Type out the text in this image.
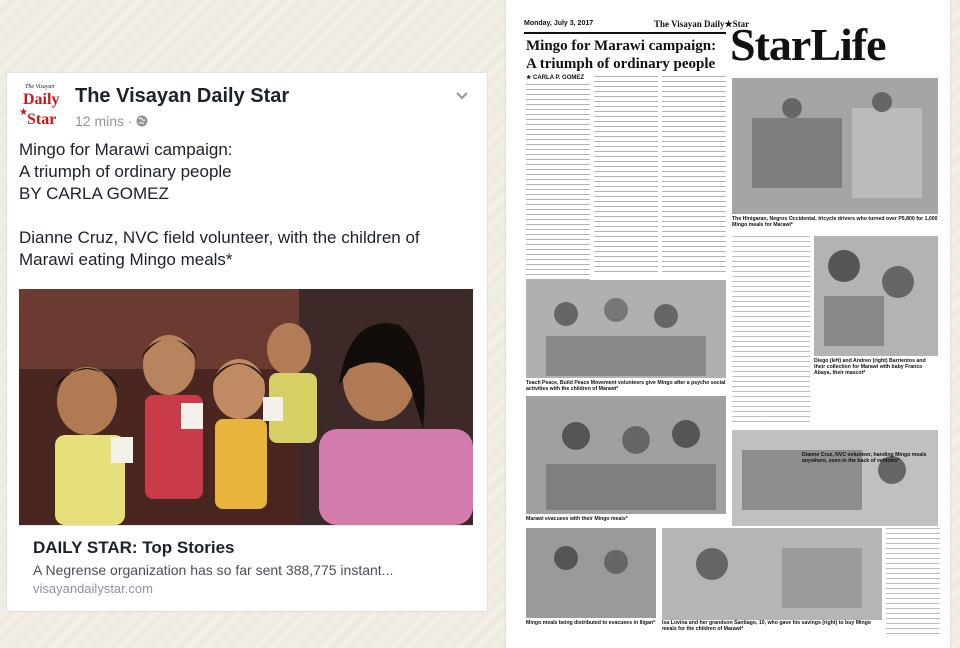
The Visayan
Daily
★ Star
The Visayan Daily Star
12 mins ·
Mingo for Marawi campaign:
A triumph of ordinary people
BY CARLA GOMEZ
Dianne Cruz, NVC field volunteer, with the children of
Marawi eating Mingo meals*
DAILY STAR: Top Stories
A Negrense organization has so far sent 388,775 instant...
visayandailystar.com
Monday, July 3, 2017	The Visayan Daily★Star
Mingo for Marawi campaign:
A triumph of ordinary people
★ CARLA P. GOMEZ
StarLife
The Hinigaran, Negros Occidental, tricycle drivers who turned over P5,800 for 1,000 Mingo meals for Marawi*
Diego (left) and Andreo (right) Barrientos and their collection for Marawi with baby Franco Abaya, their mascot*
Teach Peace, Build Peace Movement volunteers give Mingo after a psycho social activities with the children of Marawi*
Marawi evacuees with their Mingo meals*
Dianne Cruz, NVC volunteer, handing Mingo meals anywhere, even in the back of vehicles*
Mingo meals being distributed to evacuees in Iligan* Isa Lovina and her grandson Santiago, 10, who gave his savings (right) to buy Mingo meals for the children of Marawi*
